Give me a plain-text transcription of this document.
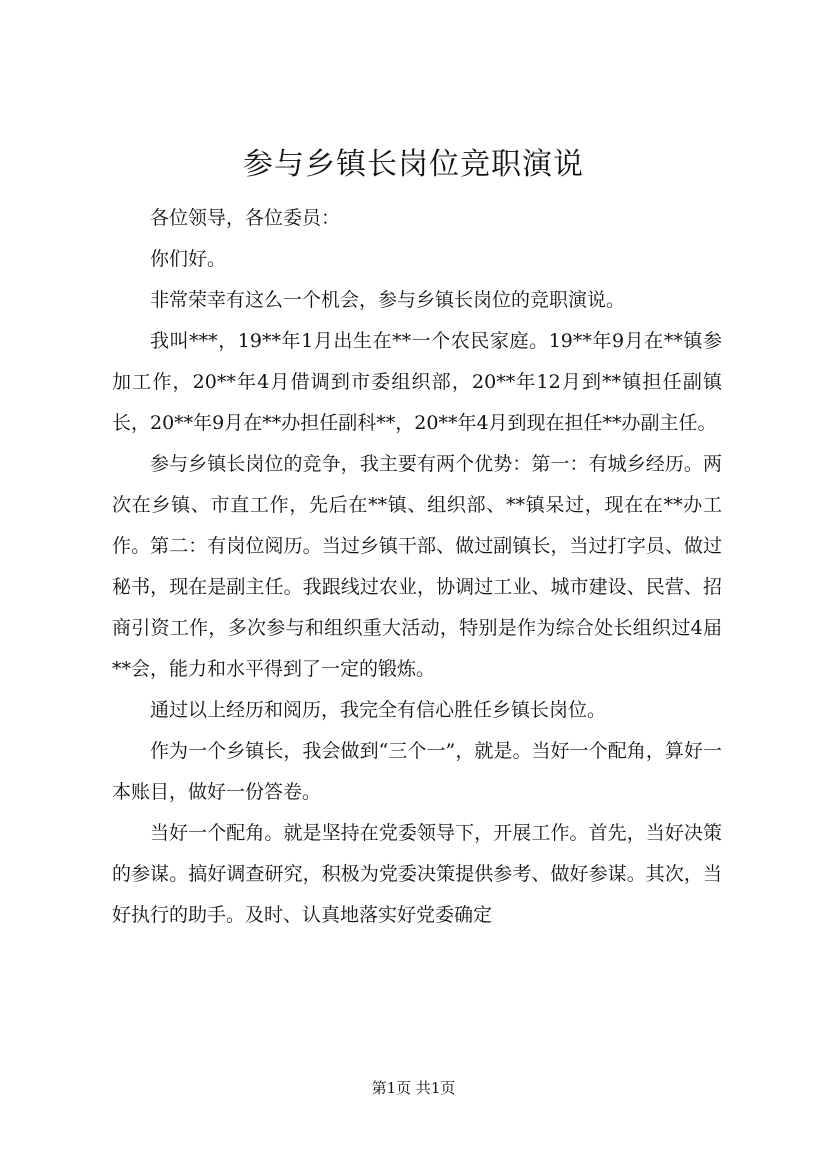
参与乡镇长岗位竞职演说

各位领导，各位委员：

你们好。

非常荣幸有这么一个机会，参与乡镇长岗位的竞职演说。

我叫***，19**年1月出生在**一个农民家庭。19**年9月在**镇参加工作，20**年4月借调到市委组织部，20**年12月到**镇担任副镇长，20**年9月在**办担任副科**，20**年4月到现在担任**办副主任。

参与乡镇长岗位的竞争，我主要有两个优势：第一：有城乡经历。两次在乡镇、市直工作，先后在**镇、组织部、**镇呆过，现在在**办工作。第二：有岗位阅历。当过乡镇干部、做过副镇长，当过打字员、做过秘书，现在是副主任。我跟线过农业，协调过工业、城市建设、民营、招商引资工作，多次参与和组织重大活动，特别是作为综合处长组织过4届**会，能力和水平得到了一定的锻炼。

通过以上经历和阅历，我完全有信心胜任乡镇长岗位。

作为一个乡镇长，我会做到“三个一”，就是。当好一个配角，算好一本账目，做好一份答卷。

当好一个配角。就是坚持在党委领导下，开展工作。首先，当好决策的参谋。搞好调查研究，积极为党委决策提供参考、做好参谋。其次，当好执行的助手。及时、认真地落实好党委确定

第1页 共1页
